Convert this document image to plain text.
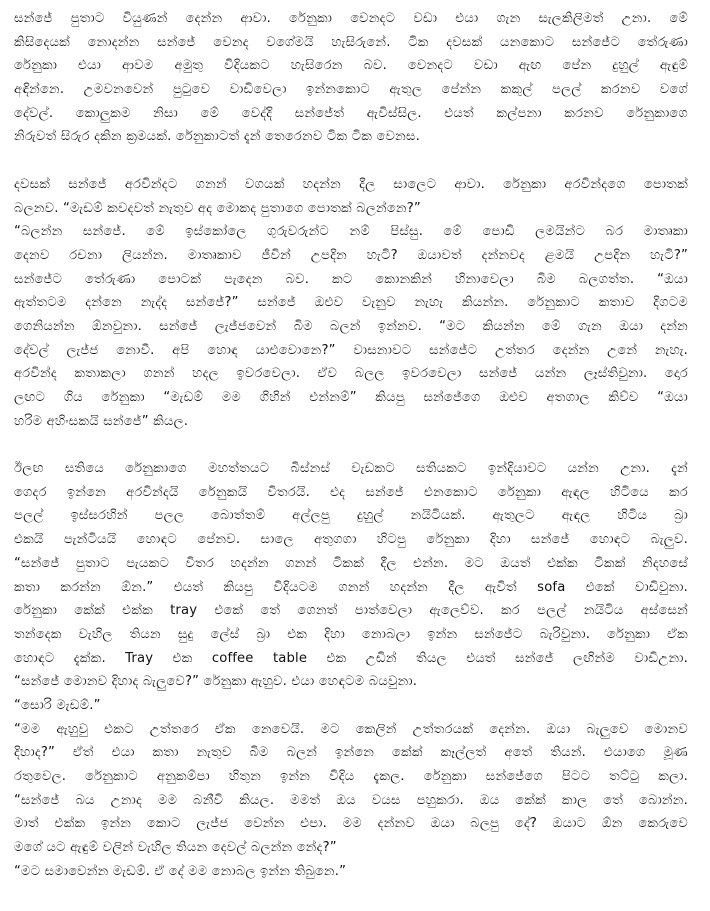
සන්ජේ පුතාට වියුණන් දෙන්න ආවා. රේනුකා වෙනදට වඩා එයා ගැන සැලකිලිමත් උනා. මේ
කිසිදෙයක් නොදන්න සන්ජේ වෙනද වගේමයි හැසිරුනේ. ටික දවසක් යනකොට සන්ජේට තේරුණා
රේනුකා එයා ආවම අමුතු විදියකට හැසිරෙන බව. වෙනදට වඩා ඇඟ පේන දුහුල් ඇඳුම්
අඳින්නෙ. උමවනවෙන් පුටුවෙ වාඩිවෙලා ඉන්නකොට ඇතුල පේන්න කකුල් පලල් කරනව වගේ
දේවල්. කොලුකම නිසා මේ වෙද්දි සන්ජේත් ඇවිස්සිල. එයත් කල්පනා කරනව රේනුකාගෙ
නිරුවත් සිරුර දකින ක්‍රමයක්. රේනුකාටත් දැන් තෙරෙනව ටික ටික වෙනස.
දවසක් සන්ජේ අරවින්දට ගනන් වගයක් හදන්න දීල සාලෙට ආවා. රේනුකා අරවින්දගෙ පොතක්
බලනව. “මැඩම් කවදවත් නැතුව අද මොකද පුතාගෙ පොතක් බලන්නෙ?”
“බලන්න සන්ජේ. මේ ඉස්කෝලෙ ගුරුවරුන්ට නම් පිස්සු. මේ පොඩි ලමයින්ට බර මාතෘකා
දෙනව රචනා ලියන්න. මාතෘකාව ජීවින් උපදින හැටි? ඔයාවත් දන්නවද ළමයි උපදින හැටි?”
සන්ජේට තේරුණා පොටක් පැදෙන බව. කට කොනකින් හිනාවෙලා බිම බලගත්ත. “ඔයා
ඇත්තටම දන්නෙ නැද්ද සන්ජේ?” සන්ජේ ඔළුව වැනුව නැහැ කියන්න. රේනුකාට කතාව දිගටම
ගෙනියන්න ඕනවුනා. සන්ජේ ලැජ්ජවෙන් බිම බලන් ඉන්නව. “මට කියන්න මේ ගැන ඔයා දන්න
දේවල් ලැජ්ජ නොවී. අපි හොඳ යාළුවොනෙ?” වාසනාවට සන්ජේට උත්තර දෙන්න උනේ නැහැ.
අරවින්ද කතාකලා ගනන් හදල ඉවරවෙලා. ඒව බලල ඉවරවෙලා සන්ජේ යන්න ලෑස්තිවුනා. දොර
ලඟට ගිය රේනුකා “මැඩම් මම ගිහින් එන්නම්” කියපු සන්ජේගෙ ඔළුව අතගාල කිව්ව “ඔයා
හරිම අහිංසකයි සන්ජේ” කියල.
ඊලඟ සතියෙ රේනුකාගෙ මහත්තයට බිස්නස් වැඩකට සතියකට ඉන්දියාවට යන්න උනා. දැන්
ගෙදර ඉන්නෙ අරවින්දයි රේනුකයි විතරයි. එද සන්ජේ එනකොට රේනුකා ඇඳල හිටියෙ කර
පලල් ඉස්සරහින් පලල බොත්තම් අල්ලපු දුහුල් නයිටියක්. ඇතුලට ඇඳල හිටිය බ්‍රා
එකයි පැන්ටියයි හොඳට පේනව. සාලෙ අතුගගා හිටපු රේනුකා දිහා සන්ජේ හොඳට බැලුව.
“සන්ජේ පුතාට පැයකට විතර හදන්න ගනන් ටිකක් දීල එන්න. මට ඔයත් එක්ක ටිකක් නිදහසේ
කතා කරන්න ඕන.” එයත් කියපු විදියටම ගනන් හදන්න දීල ඇවිත් sofa එකේ වාඩිවුනා.
රේනුකා කේක් එක්ක tray එකේ තේ ගෙනත් පාත්වෙලා ඇලෙව්ව. කර පලල් නයිටිය අස්සෙන්
තන්දෙක වැහිල තියන සුදු ලේස් බ්‍රා එක දිහා නොබලා ඉන්න සන්ජේට බැරිවුනා. රේනුකා ඒක
හොඳට දැක්ක. Tray එක coffee table එක උඩින් තියල එයත් සන්ජේ ලඟින්ම වාඩිඋනා.
“සන්ජේ මොනව දිහාද බැලුවෙ?” රේනුකා ඇහුව. එයා හෙඳටම බයවුනා.
“සොරි මැඩම්.”
“මම ඇහුවු එකට උත්තරෙ ඒක නෙවෙයි. මට කෙලින් උත්තරයක් දෙන්න. ඔයා බැලුවෙ මොනව
දිහාද?” ඒත් එයා කතා නැතුව බිම බලන් ඉන්නෙ කේක් කෑල්ලත් අතේ තියන්. එයාගෙ මූණ
රතුවෙල. රේනුකාට අනුකම්පා හිතුන ඉන්න විදිය දැකල. රේනුකා සන්ජේගෙ පිටට තට්ටු කලා.
“සන්ජේ බය උනාද මම බනීවි කියල. මමත් ඔය වයස පහුකරා. ඔය කේක් කාල තේ බොන්න.
මාත් එක්ක ඉන්න කොට ලැජ්ජ වෙන්න එපා. මම දන්නව ඔයා බලපු දේ? ඔයාට ඕන කෙරුවෙ
මගේ යට ඇඳුම් වලින් වැහිල තියන දෙවල් බලන්න නේද?”
“මට සමාවෙන්න මැඩම්. ඒ දේ මම නොබල ඉන්න තිබුනෙ.”
